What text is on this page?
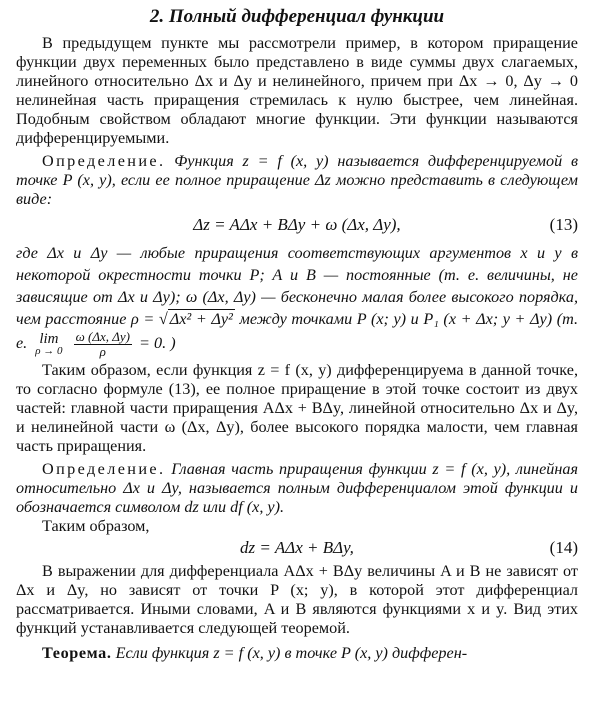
2. Полный дифференциал функции

В предыдущем пункте мы рассмотрели пример, в котором приращение функции двух переменных было представлено в виде суммы двух слагаемых, линейного относительно Δx и Δy и нелинейного, причем при Δx → 0, Δy → 0 нелинейная часть приращения стремилась к нулю быстрее, чем линейная. Подобным свойством обладают многие функции. Эти функции называются дифференцируемыми.

Определение. Функция z = f (x, y) называется дифференцируемой в точке P (x, y), если ее полное приращение Δz можно представить в следующем виде:

Δz = AΔx + BΔy + ω (Δx, Δy),	(13)

где Δx и Δy — любые приращения соответствующих аргументов x и y в некоторой окрестности точки P; A и B — постоянные (т. е. величины, не зависящие от Δx и Δy); ω (Δx, Δy) — бесконечно малая более высокого порядка, чем расстояние ρ = √ Δx² + Δy² между точками P (x; y) и P₁ (x + Δx; y + Δy) (т. е. lim
ρ → 0
$\frac{\omega (\Delta x, \Delta y)}{\rho} = 0$. )

Таким образом, если функция z = f (x, y) дифференцируема в данной точке, то согласно формуле (13), ее полное приращение в этой точке состоит из двух частей: главной части приращения AΔx + BΔy, линейной относительно Δx и Δy, и нелинейной части ω (Δx, Δy), более высокого порядка малости, чем главная часть приращения.

Определение. Главная часть приращения функции z = f (x, y), линейная относительно Δx и Δy, называется полным дифференциалом этой функции и обозначается символом dz или df (x, y).

Таким образом,

dz = AΔx + BΔy,	(14)

В выражении для дифференциала AΔx + BΔy величины A и B не зависят от Δx и Δy, но зависят от точки P (x; y), в которой этот дифференциал рассматривается. Иными словами, A и B являются функциями x и y. Вид этих функций устанавливается следующей теоремой.

Теорема. Если функция z = f (x, y) в точке P (x, y) дифферен-
